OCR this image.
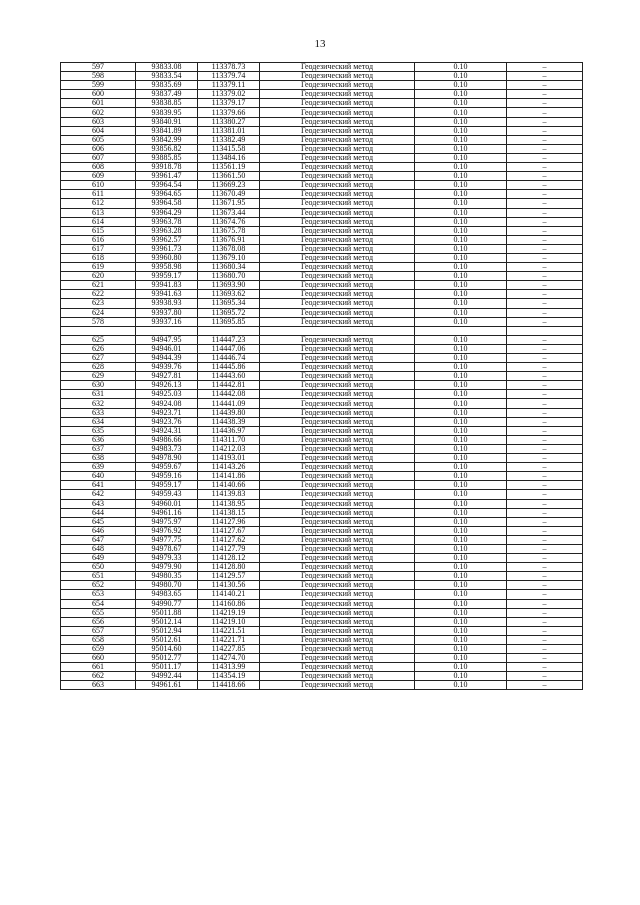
13
597	93833.08	113378.73	Геодезический метод	0.10	–
598	93833.54	113379.74	Геодезический метод	0.10	–
599	93835.69	113379.11	Геодезический метод	0.10	–
600	93837.49	113379.02	Геодезический метод	0.10	–
601	93838.85	113379.17	Геодезический метод	0.10	–
602	93839.95	113379.66	Геодезический метод	0.10	–
603	93840.91	113380.27	Геодезический метод	0.10	–
604	93841.89	113381.01	Геодезический метод	0.10	–
605	93842.99	113382.49	Геодезический метод	0.10	–
606	93856.82	113415.58	Геодезический метод	0.10	–
607	93885.85	113484.16	Геодезический метод	0.10	–
608	93918.78	113561.19	Геодезический метод	0.10	–
609	93961.47	113661.50	Геодезический метод	0.10	–
610	93964.54	113669.23	Геодезический метод	0.10	–
611	93964.65	113670.49	Геодезический метод	0.10	–
612	93964.58	113671.95	Геодезический метод	0.10	–
613	93964.29	113673.44	Геодезический метод	0.10	–
614	93963.78	113674.76	Геодезический метод	0.10	–
615	93963.28	113675.78	Геодезический метод	0.10	–
616	93962.57	113676.91	Геодезический метод	0.10	–
617	93961.73	113678.08	Геодезический метод	0.10	–
618	93960.80	113679.10	Геодезический метод	0.10	–
619	93958.98	113680.34	Геодезический метод	0.10	–
620	93959.17	113680.70	Геодезический метод	0.10	–
621	93941.83	113693.90	Геодезический метод	0.10	–
622	93941.63	113693.62	Геодезический метод	0.10	–
623	93938.93	113695.34	Геодезический метод	0.10	–
624	93937.80	113695.72	Геодезический метод	0.10	–
578	93937.16	113695.85	Геодезический метод	0.10	–

625	94947.95	114447.23	Геодезический метод	0.10	–
626	94946.01	114447.06	Геодезический метод	0.10	–
627	94944.39	114446.74	Геодезический метод	0.10	–
628	94939.76	114445.86	Геодезический метод	0.10	–
629	94927.81	114443.60	Геодезический метод	0.10	–
630	94926.13	114442.81	Геодезический метод	0.10	–
631	94925.03	114442.08	Геодезический метод	0.10	–
632	94924.08	114441.09	Геодезический метод	0.10	–
633	94923.71	114439.80	Геодезический метод	0.10	–
634	94923.76	114438.39	Геодезический метод	0.10	–
635	94924.31	114436.97	Геодезический метод	0.10	–
636	94986.66	114311.70	Геодезический метод	0.10	–
637	94983.73	114212.03	Геодезический метод	0.10	–
638	94978.90	114193.01	Геодезический метод	0.10	–
639	94959.67	114143.26	Геодезический метод	0.10	–
640	94959.16	114141.86	Геодезический метод	0.10	–
641	94959.17	114140.66	Геодезический метод	0.10	–
642	94959.43	114139.83	Геодезический метод	0.10	–
643	94960.01	114138.95	Геодезический метод	0.10	–
644	94961.16	114138.15	Геодезический метод	0.10	–
645	94975.97	114127.96	Геодезический метод	0.10	–
646	94976.92	114127.67	Геодезический метод	0.10	–
647	94977.75	114127.62	Геодезический метод	0.10	–
648	94978.67	114127.79	Геодезический метод	0.10	–
649	94979.33	114128.12	Геодезический метод	0.10	–
650	94979.90	114128.80	Геодезический метод	0.10	–
651	94980.35	114129.57	Геодезический метод	0.10	–
652	94980.70	114130.56	Геодезический метод	0.10	–
653	94983.65	114140.21	Геодезический метод	0.10	–
654	94990.77	114160.86	Геодезический метод	0.10	–
655	95011.88	114219.19	Геодезический метод	0.10	–
656	95012.14	114219.10	Геодезический метод	0.10	–
657	95012.94	114221.51	Геодезический метод	0.10	–
658	95012.61	114221.71	Геодезический метод	0.10	–
659	95014.60	114227.85	Геодезический метод	0.10	–
660	95012.77	114274.70	Геодезический метод	0.10	–
661	95011.17	114313.99	Геодезический метод	0.10	–
662	94992.44	114354.19	Геодезический метод	0.10	–
663	94961.61	114418.66	Геодезический метод	0.10	–
